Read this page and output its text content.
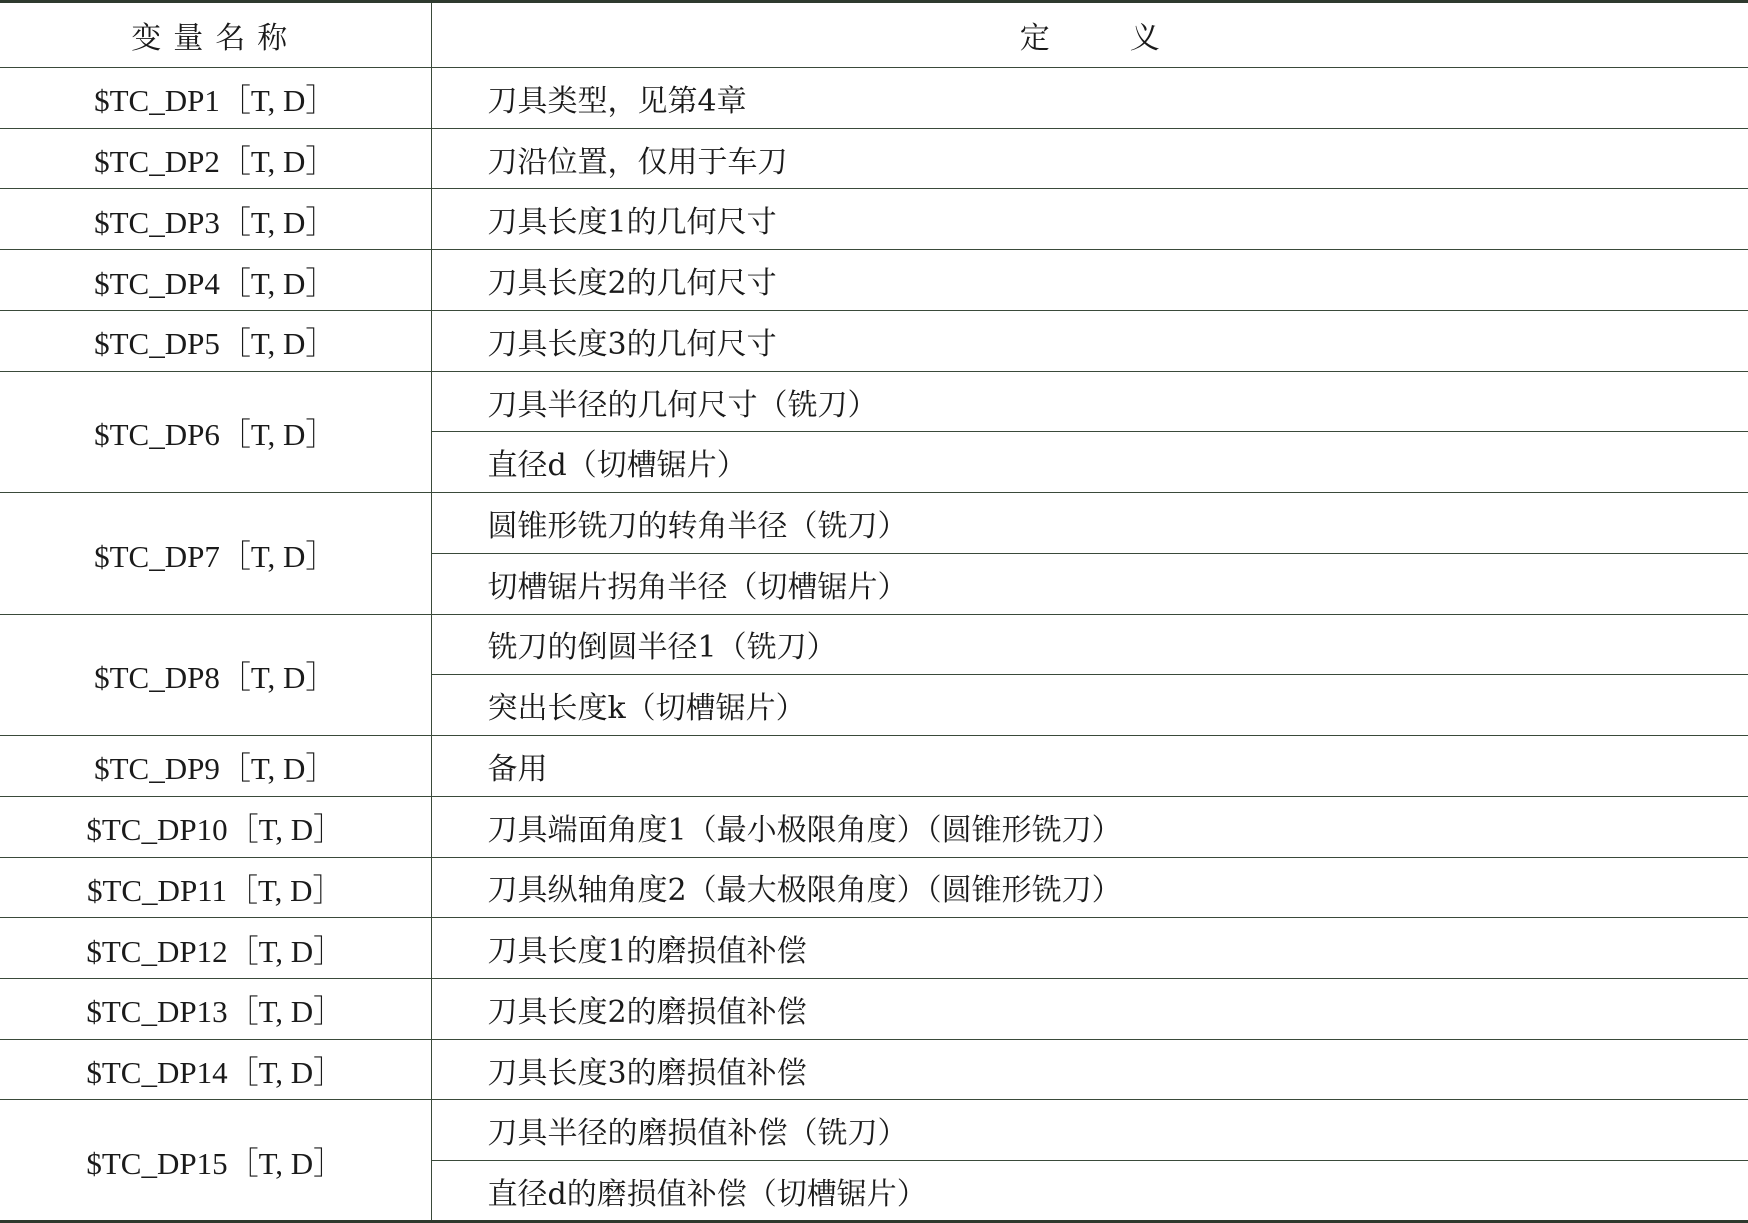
变量名称	定 义
$TC_DP1［T, D］	刀具类型，见第4章
$TC_DP2［T, D］	刀沿位置，仅用于车刀
$TC_DP3［T, D］	刀具长度1的几何尺寸
$TC_DP4［T, D］	刀具长度2的几何尺寸
$TC_DP5［T, D］	刀具长度3的几何尺寸
$TC_DP6［T, D］	刀具半径的几何尺寸（铣刀）
	直径d（切槽锯片）
$TC_DP7［T, D］	圆锥形铣刀的转角半径（铣刀）
	切槽锯片拐角半径（切槽锯片）
$TC_DP8［T, D］	铣刀的倒圆半径1（铣刀）
	突出长度k（切槽锯片）
$TC_DP9［T, D］	备用
$TC_DP10［T, D］	刀具端面角度1（最小极限角度）（圆锥形铣刀）
$TC_DP11［T, D］	刀具纵轴角度2（最大极限角度）（圆锥形铣刀）
$TC_DP12［T, D］	刀具长度1的磨损值补偿
$TC_DP13［T, D］	刀具长度2的磨损值补偿
$TC_DP14［T, D］	刀具长度3的磨损值补偿
$TC_DP15［T, D］	刀具半径的磨损值补偿（铣刀）
	直径d的磨损值补偿（切槽锯片）
